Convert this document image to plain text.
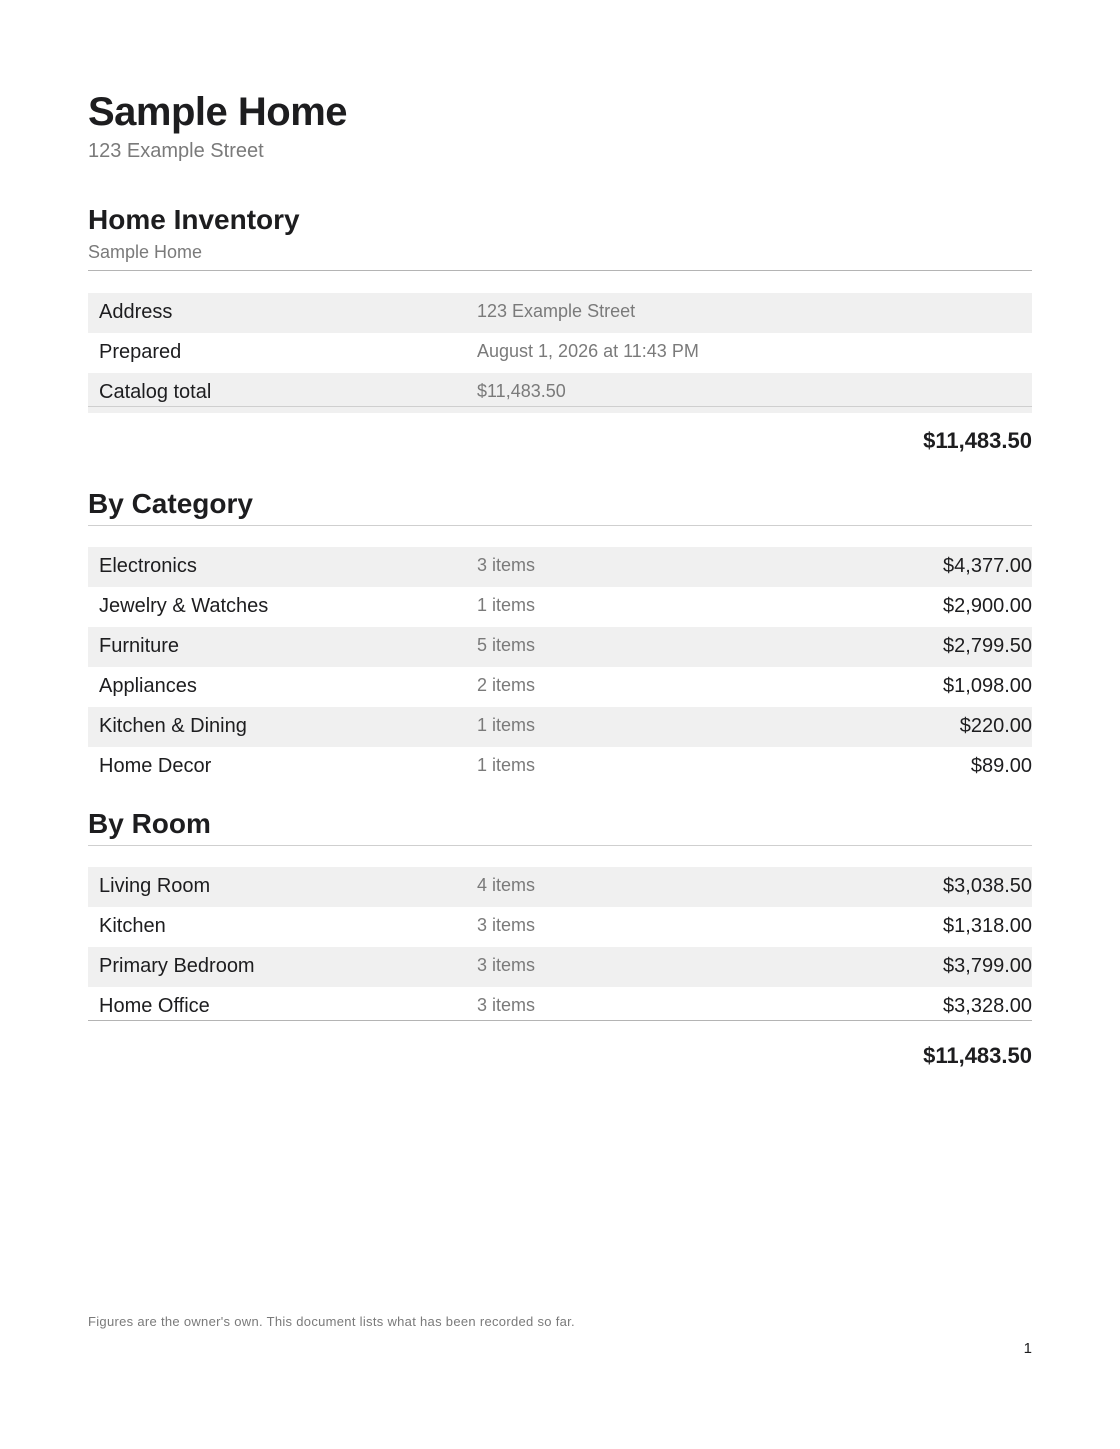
Sample Home
123 Example Street
Home Inventory
Sample Home
Address	123 Example Street
Prepared	August 1, 2026 at 11:43 PM
Catalog total	$11,483.50
$11,483.50
By Category
Electronics	3 items	$4,377.00
Jewelry & Watches	1 items	$2,900.00
Furniture	5 items	$2,799.50
Appliances	2 items	$1,098.00
Kitchen & Dining	1 items	$220.00
Home Decor	1 items	$89.00
By Room
Living Room	4 items	$3,038.50
Kitchen	3 items	$1,318.00
Primary Bedroom	3 items	$3,799.00
Home Office	3 items	$3,328.00
$11,483.50
Figures are the owner's own. This document lists what has been recorded so far.
1
